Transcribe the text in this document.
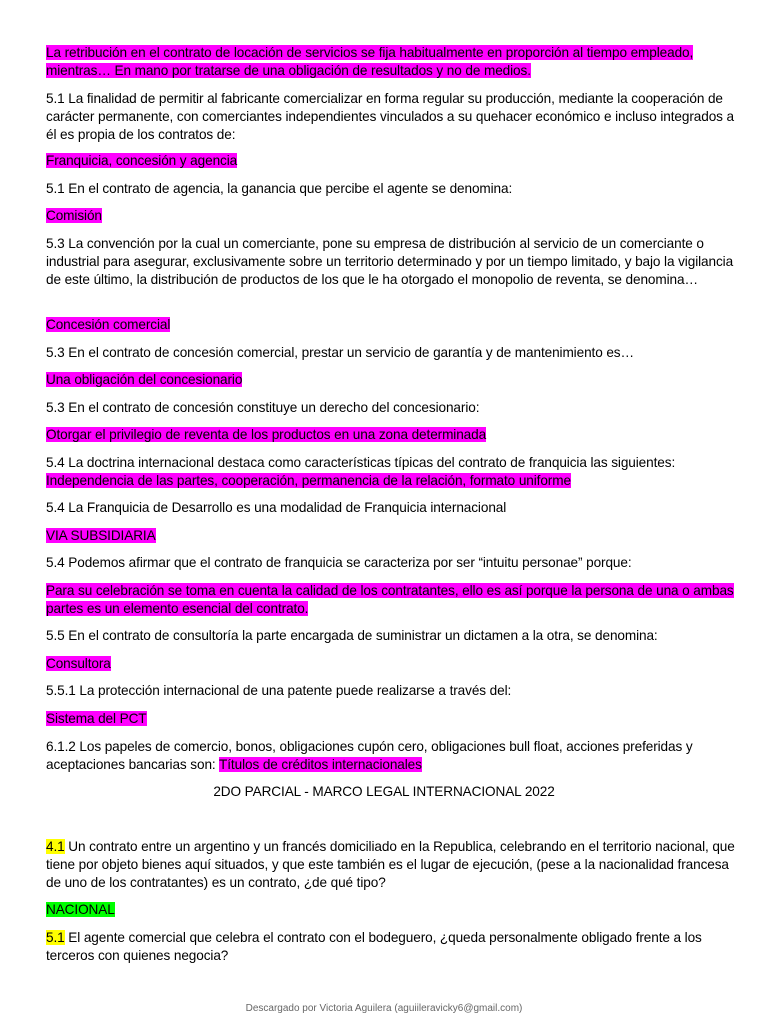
La retribución en el contrato de locación de servicios se fija habitualmente en proporción al tiempo empleado, mientras… En mano por tratarse de una obligación de resultados y no de medios.
5.1 La finalidad de permitir al fabricante comercializar en forma regular su producción, mediante la cooperación de carácter permanente, con comerciantes independientes vinculados a su quehacer económico e incluso integrados a él es propia de los contratos de:
Franquicia, concesión y agencia
5.1 En el contrato de agencia, la ganancia que percibe el agente se denomina:
Comisión
5.3 La convención por la cual un comerciante, pone su empresa de distribución al servicio de un comerciante o industrial para asegurar, exclusivamente sobre un territorio determinado y por un tiempo limitado, y bajo la vigilancia de este último, la distribución de productos de los que le ha otorgado el monopolio de reventa, se denomina…
Concesión comercial
5.3 En el contrato de concesión comercial, prestar un servicio de garantía y de mantenimiento es…
Una obligación del concesionario
5.3 En el contrato de concesión constituye un derecho del concesionario:
Otorgar el privilegio de reventa de los productos en una zona determinada
5.4 La doctrina internacional destaca como características típicas del contrato de franquicia las siguientes: Independencia de las partes, cooperación, permanencia de la relación, formato uniforme
5.4 La Franquicia de Desarrollo es una modalidad de Franquicia internacional
VIA SUBSIDIARIA
5.4 Podemos afirmar que el contrato de franquicia se caracteriza por ser “intuitu personae” porque:
Para su celebración se toma en cuenta la calidad de los contratantes, ello es así porque la persona de una o ambas partes es un elemento esencial del contrato.
5.5 En el contrato de consultoría la parte encargada de suministrar un dictamen a la otra, se denomina:
Consultora
5.5.1 La protección internacional de una patente puede realizarse a través del:
Sistema del PCT
6.1.2 Los papeles de comercio, bonos, obligaciones cupón cero, obligaciones bull float, acciones preferidas y aceptaciones bancarias son: Títulos de créditos internacionales
2DO PARCIAL - MARCO LEGAL INTERNACIONAL 2022
4.1 Un contrato entre un argentino y un francés domiciliado en la Republica, celebrando en el territorio nacional, que tiene por objeto bienes aquí situados, y que este también es el lugar de ejecución, (pese a la nacionalidad francesa de uno de los contratantes) es un contrato, ¿de qué tipo?
NACIONAL
5.1 El agente comercial que celebra el contrato con el bodeguero, ¿queda personalmente obligado frente a los terceros con quienes negocia?
Descargado por Victoria Aguilera (aguiileravicky6@gmail.com)
